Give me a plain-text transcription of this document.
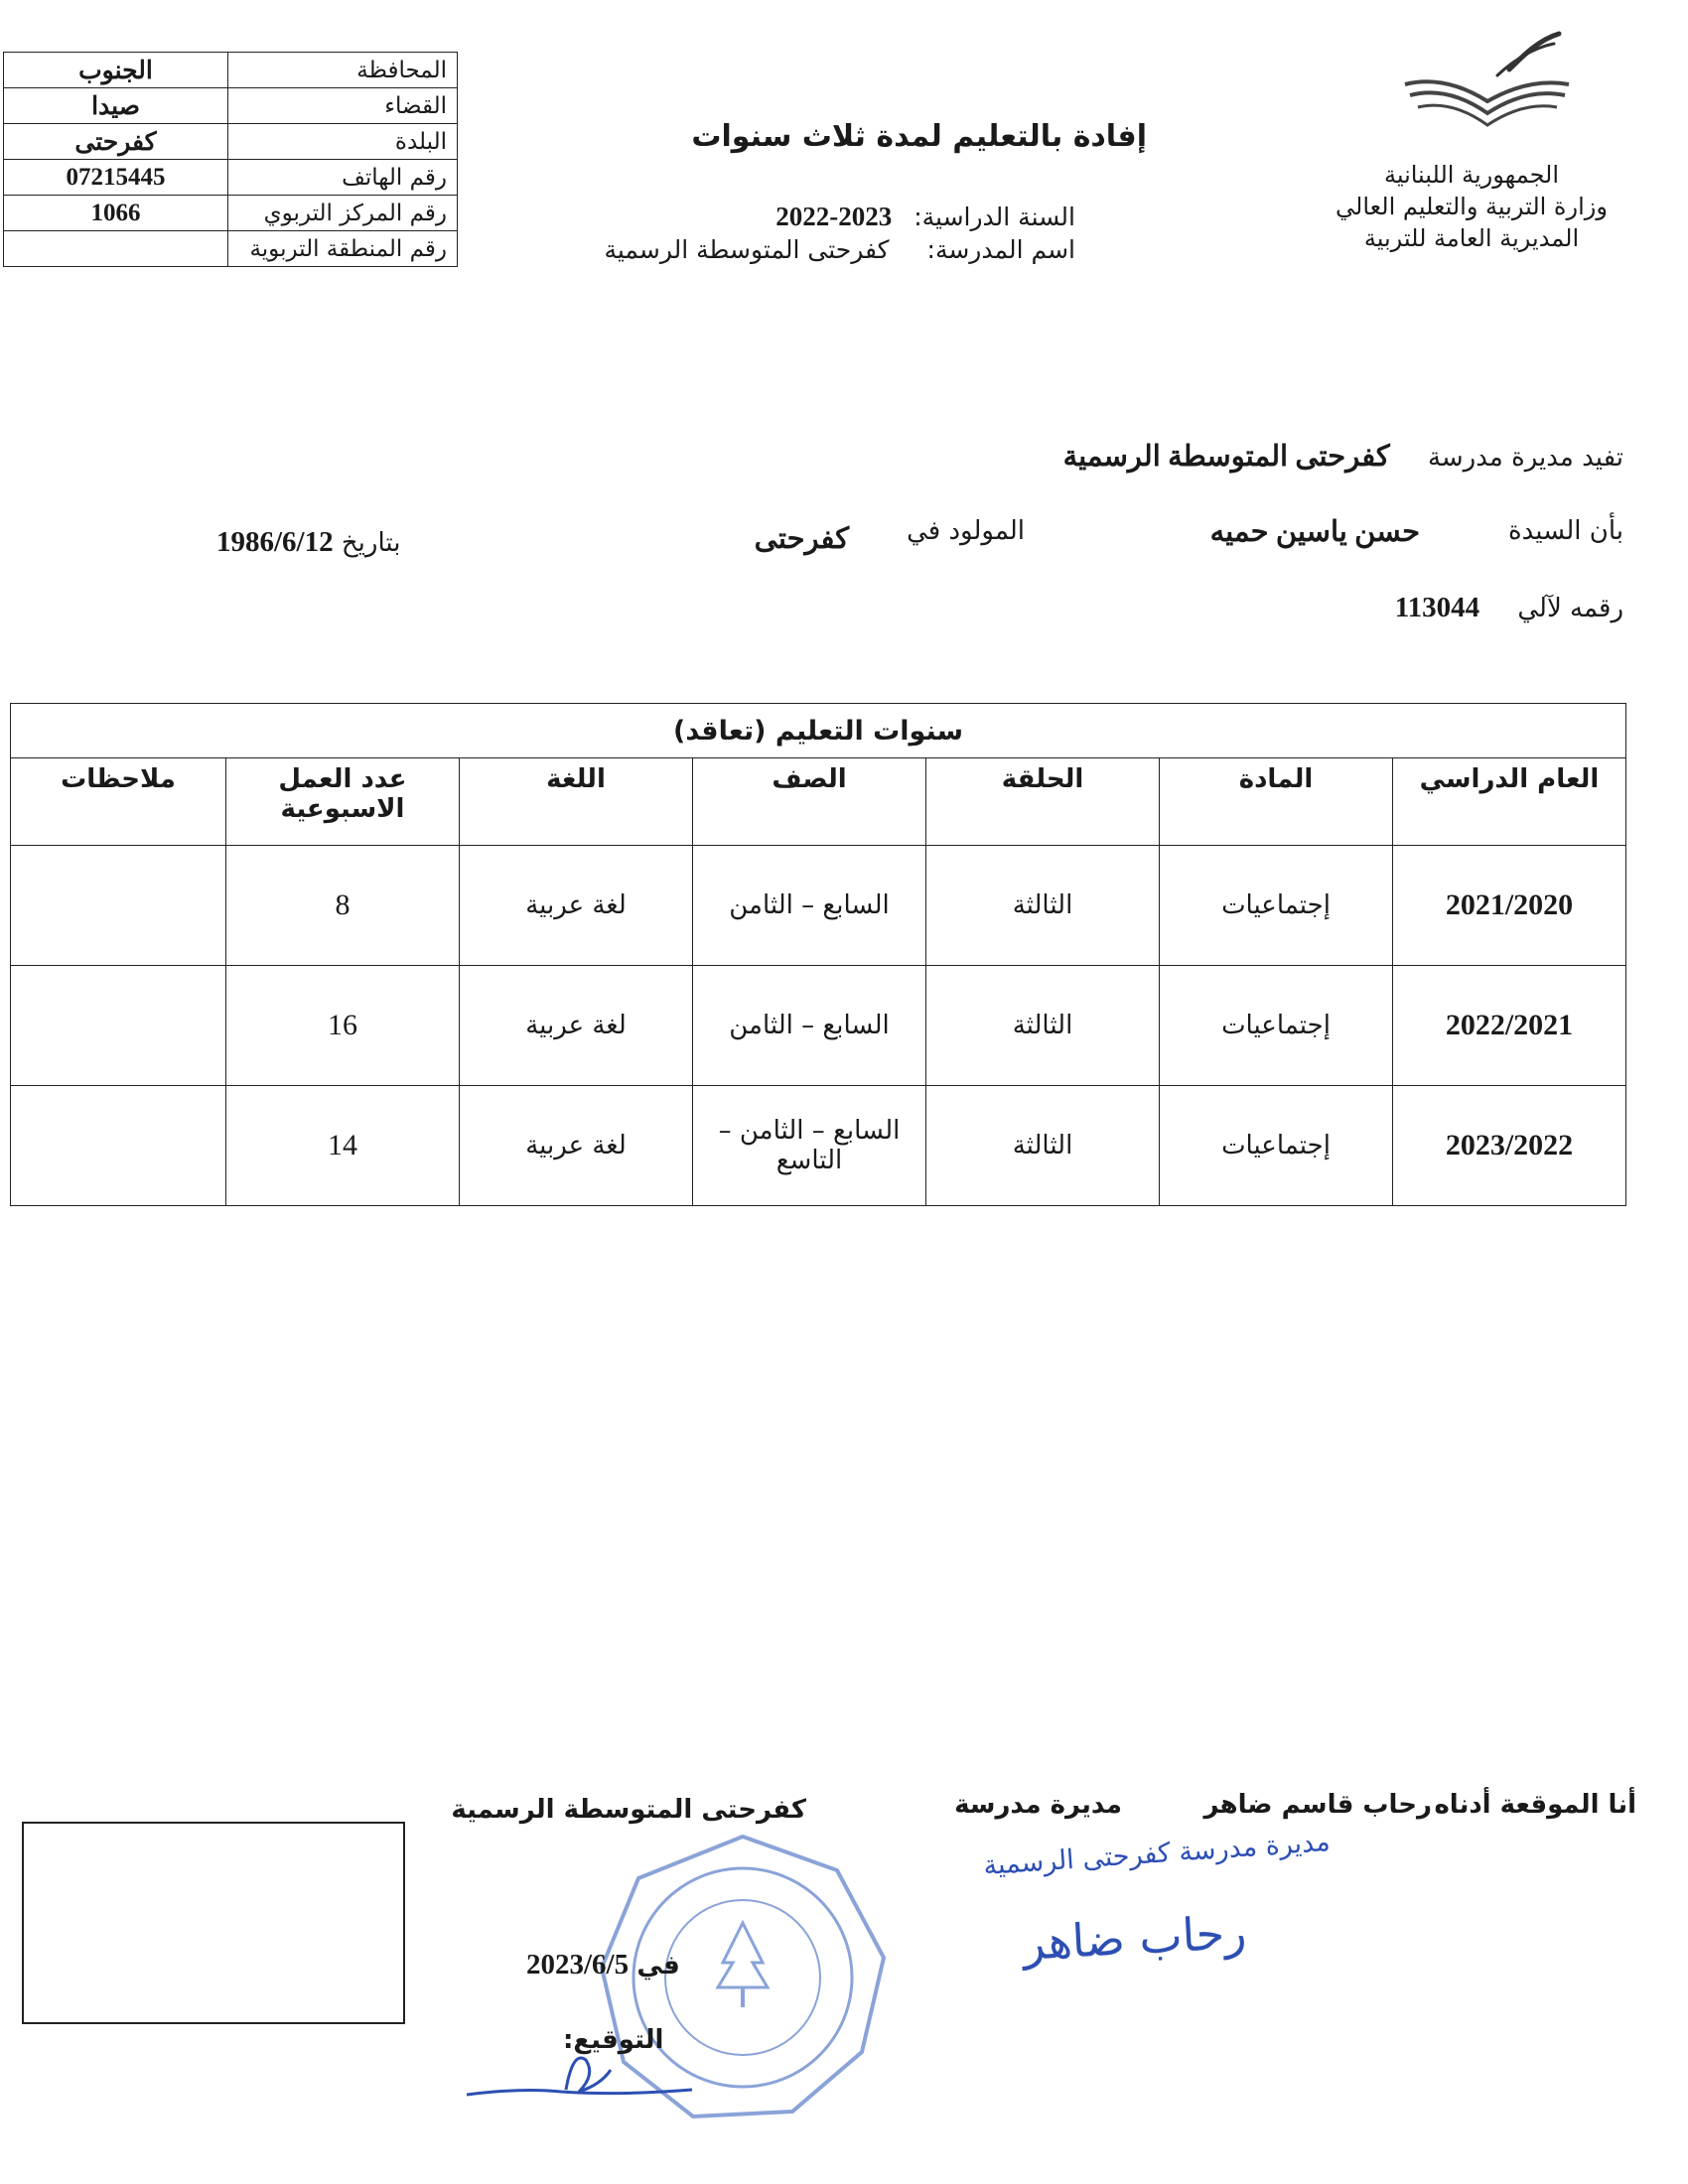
المحافظة	الجنوب
القضاء	صيدا
البلدة	كفرحتى
رقم الهاتف	07215445
رقم المركز التربوي	1066
رقم المنطقة التربوية	
إفادة بالتعليم لمدة ثلاث سنوات
السنة الدراسية: 2022-2023
اسم المدرسة: كفرحتى المتوسطة الرسمية
الجمهورية اللبنانية
وزارة التربية والتعليم العالي
المديرية العامة للتربية
تفيد مديرة مدرسة كفرحتى المتوسطة الرسمية
بأن السيدة
حسن ياسين حميه
المولود في
كفرحتى
بتاريخ 1986/6/12
رقمه لآلي 113044
سنوات التعليم (تعاقد)						
العام الدراسي	المادة	الحلقة	الصف	اللغة	عدد العمل
الاسبوعية	ملاحظات
2021/2020	إجتماعيات	الثالثة	السابع – الثامن	لغة عربية	8	
2022/2021	إجتماعيات	الثالثة	السابع – الثامن	لغة عربية	16	
2023/2022	إجتماعيات	الثالثة	السابع – الثامن –
التاسع	لغة عربية	14	
أنا الموقعة أدناه
رحاب قاسم ضاهر
مديرة مدرسة
كفرحتى المتوسطة الرسمية
في 2023/6/5
التوقيع:
مديرة مدرسة كفرحتى الرسمية
رحاب ضاهر
